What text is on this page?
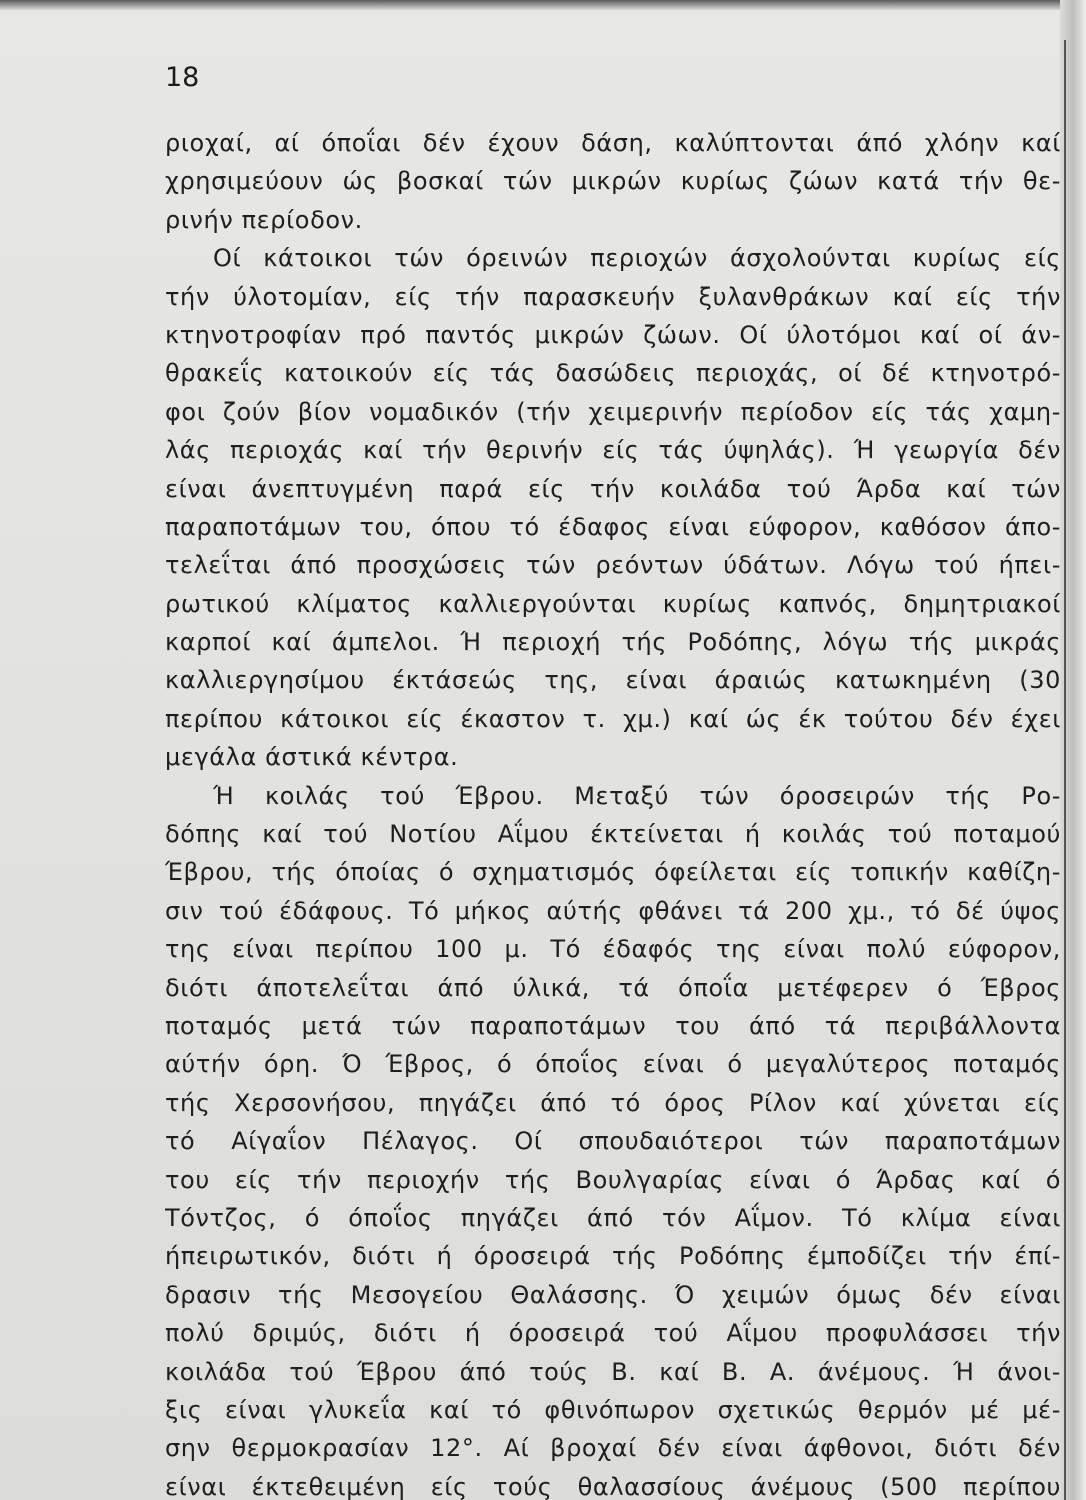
18
ριοχαί, αί όποΐαι δέν έχουν δάση, καλύπτονται άπό χλόην καί
χρησιμεύουν ώς βοσκαί τών μικρών κυρίως ζώων κατά τήν θε-
ρινήν περίοδον.
Οί κάτοικοι τών όρεινών περιοχών άσχολούνται κυρίως είς
τήν ύλοτομίαν, είς τήν παρασκευήν ξυλανθράκων καί είς τήν
κτηνοτροφίαν πρό παντός μικρών ζώων. Οί ύλοτόμοι καί οί άν-
θρακεΐς κατοικούν είς τάς δασώδεις περιοχάς, οί δέ κτηνοτρό-
φοι ζούν βίον νομαδικόν (τήν χειμερινήν περίοδον είς τάς χαμη-
λάς περιοχάς καί τήν θερινήν είς τάς ύψηλάς). Ή γεωργία δέν
είναι άνεπτυγμένη παρά είς τήν κοιλάδα τού Άρδα καί τών
παραποτάμων του, όπου τό έδαφος είναι εύφορον, καθόσον άπο-
τελεΐται άπό προσχώσεις τών ρεόντων ύδάτων. Λόγω τού ήπει-
ρωτικού κλίματος καλλιεργούνται κυρίως καπνός, δημητριακοί
καρποί καί άμπελοι. Ή περιοχή τής Ροδόπης, λόγω τής μικράς
καλλιεργησίμου έκτάσεώς της, είναι άραιώς κατωκημένη (30
περίπου κάτοικοι είς έκαστον τ. χμ.) καί ώς έκ τούτου δέν έχει
μεγάλα άστικά κέντρα.
Ή κοιλάς τού Έβρου. Μεταξύ τών όροσειρών τής Ρο-
δόπης καί τού Νοτίου Αΐμου έκτείνεται ή κοιλάς τού ποταμού
Έβρου, τής όποίας ό σχηματισμός όφείλεται είς τοπικήν καθίζη-
σιν τού έδάφους. Τό μήκος αύτής φθάνει τά 200 χμ., τό δέ ύψος
της είναι περίπου 100 μ. Τό έδαφός της είναι πολύ εύφορον,
διότι άποτελεΐται άπό ύλικά, τά όποΐα μετέφερεν ό Έβρος
ποταμός μετά τών παραποτάμων του άπό τά περιβάλλοντα
αύτήν όρη. Ό Έβρος, ό όποΐος είναι ό μεγαλύτερος ποταμός
τής Χερσονήσου, πηγάζει άπό τό όρος Ρίλον καί χύνεται είς
τό Αίγαΐον Πέλαγος. Οί σπουδαιότεροι τών παραποτάμων
του είς τήν περιοχήν τής Βουλγαρίας είναι ό Άρδας καί ό
Τόντζος, ό όποΐος πηγάζει άπό τόν Αΐμον. Τό κλίμα είναι
ήπειρωτικόν, διότι ή όροσειρά τής Ροδόπης έμποδίζει τήν έπί-
δρασιν τής Μεσογείου Θαλάσσης. Ό χειμών όμως δέν είναι
πολύ δριμύς, διότι ή όροσειρά τού Αΐμου προφυλάσσει τήν
κοιλάδα τού Έβρου άπό τούς Β. καί Β. Α. άνέμους. Ή άνοι-
ξις είναι γλυκεΐα καί τό φθινόπωρον σχετικώς θερμόν μέ μέ-
σην θερμοκρασίαν 12°. Αί βροχαί δέν είναι άφθονοι, διότι δέν
είναι έκτεθειμένη είς τούς θαλασσίους άνέμους (500 περίπου
